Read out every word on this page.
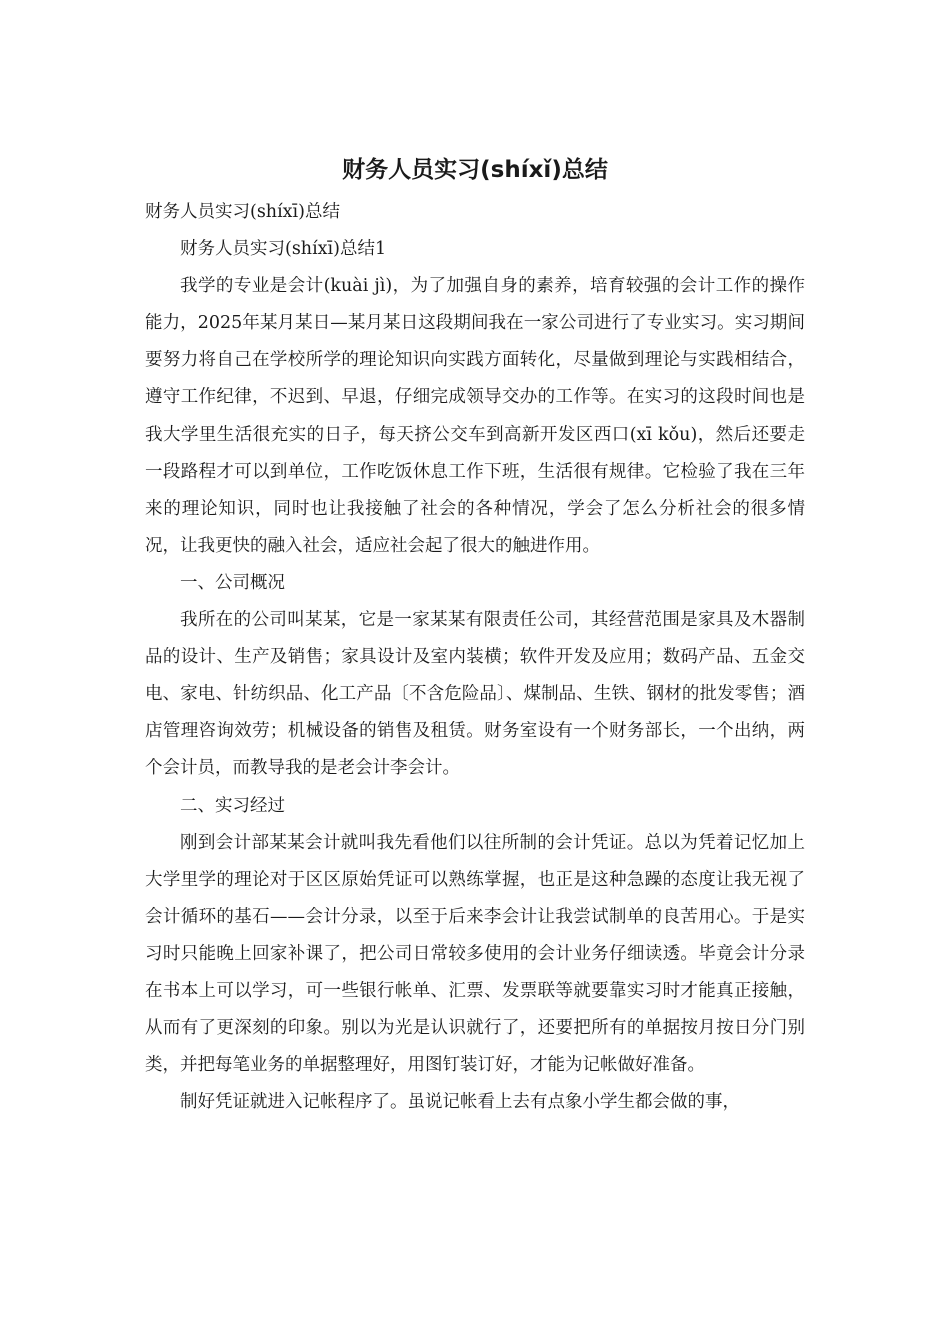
财务人员实习(shíxǐ)总结

财务人员实习(shíxī)总结

财务人员实习(shíxī)总结1

我学的专业是会计(kuài jì)，为了加强自身的素养，培育较强的会计工作的操作能力，2025年某月某日—某月某日这段期间我在一家公司进行了专业实习。实习期间要努力将自己在学校所学的理论知识向实践方面转化，尽量做到理论与实践相结合，遵守工作纪律，不迟到、早退，仔细完成领导交办的工作等。在实习的这段时间也是我大学里生活很充实的日子，每天挤公交车到高新开发区西口(xī kǒu)，然后还要走一段路程才可以到单位，工作吃饭休息工作下班，生活很有规律。它检验了我在三年来的理论知识，同时也让我接触了社会的各种情况，学会了怎么分析社会的很多情况，让我更快的融入社会，适应社会起了很大的触进作用。

一、公司概况

我所在的公司叫某某，它是一家某某有限责任公司，其经营范围是家具及木器制品的设计、生产及销售；家具设计及室内装横；软件开发及应用；数码产品、五金交电、家电、针纺织品、化工产品〔不含危险品〕、煤制品、生铁、钢材的批发零售；酒店管理咨询效劳；机械设备的销售及租赁。财务室设有一个财务部长，一个出纳，两个会计员，而教导我的是老会计李会计。

二、实习经过

刚到会计部某某会计就叫我先看他们以往所制的会计凭证。总以为凭着记忆加上大学里学的理论对于区区原始凭证可以熟练掌握，也正是这种急躁的态度让我无视了会计循环的基石——会计分录，以至于后来李会计让我尝试制单的良苦用心。于是实习时只能晚上回家补课了，把公司日常较多使用的会计业务仔细读透。毕竟会计分录在书本上可以学习，可一些银行帐单、汇票、发票联等就要靠实习时才能真正接触，从而有了更深刻的印象。别以为光是认识就行了，还要把所有的单据按月按日分门别类，并把每笔业务的单据整理好，用图钉装订好，才能为记帐做好准备。

制好凭证就进入记帐程序了。虽说记帐看上去有点象小学生都会做的事，
